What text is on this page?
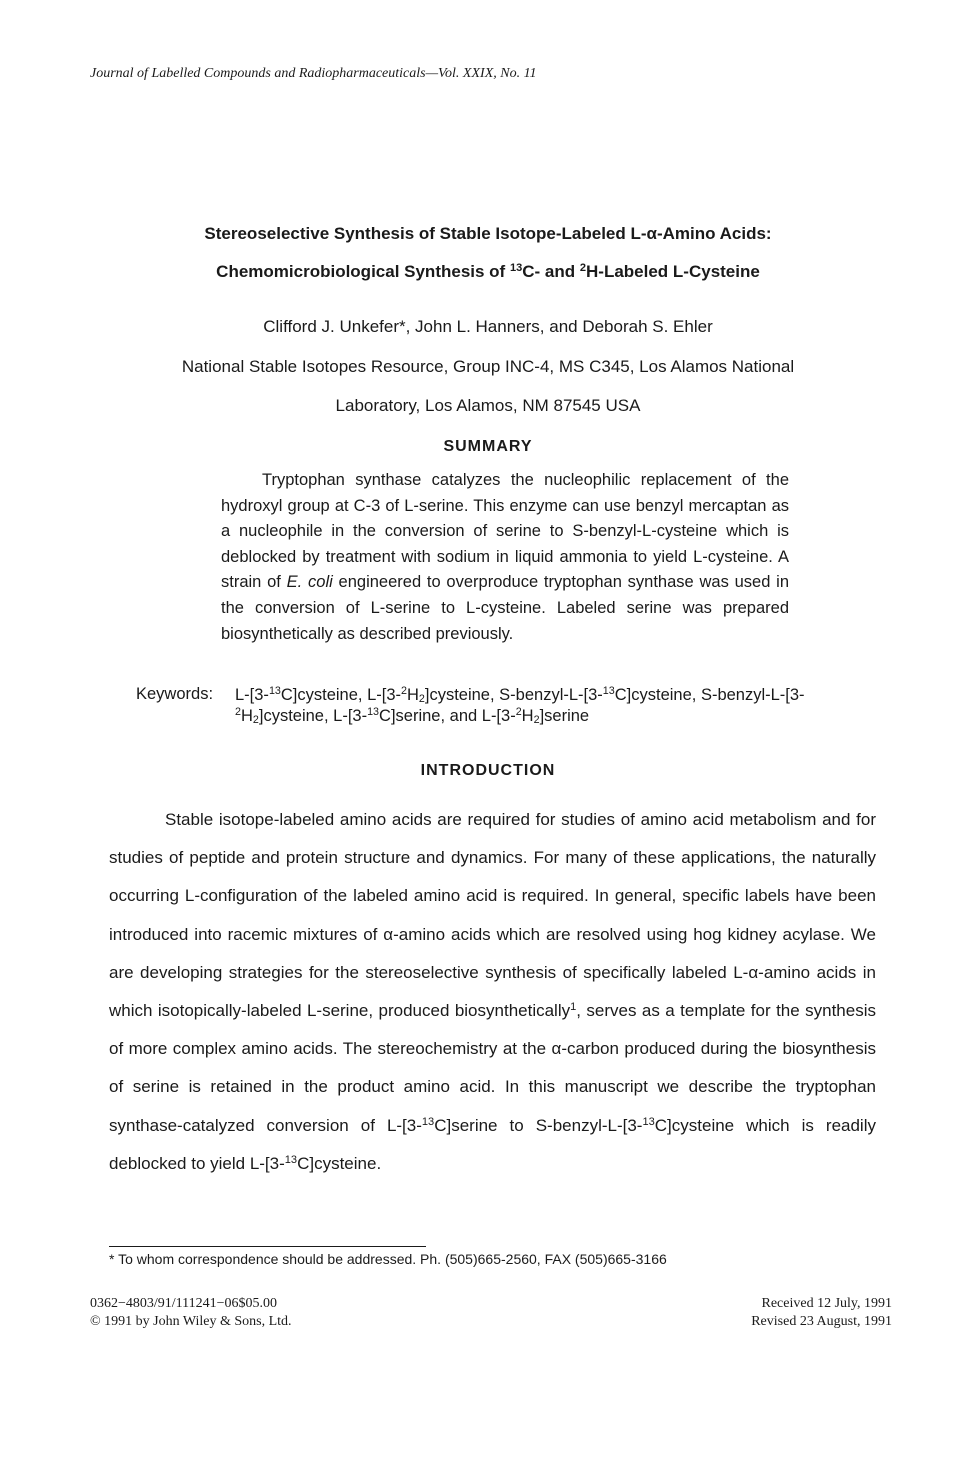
Journal of Labelled Compounds and Radiopharmaceuticals—Vol. XXIX, No. 11
Stereoselective Synthesis of Stable Isotope-Labeled L-α-Amino Acids:
Chemomicrobiological Synthesis of $^{13}$C- and $^2$H-Labeled L-Cysteine
Clifford J. Unkefer*, John L. Hanners, and Deborah S. Ehler
National Stable Isotopes Resource, Group INC-4, MS C345, Los Alamos National
Laboratory, Los Alamos, NM 87545 USA
SUMMARY

Tryptophan synthase catalyzes the nucleophilic replacement of the hydroxyl group at C-3 of L-serine. This enzyme can use benzyl mercaptan as a nucleophile in the conversion of serine to S-benzyl-L-cysteine which is deblocked by treatment with sodium in liquid ammonia to yield L-cysteine. A strain of E. coli engineered to overproduce tryptophan synthase was used in the conversion of L-serine to L-cysteine. Labeled serine was prepared biosynthetically as described previously.

Keywords: L-[3-$^{13}$C]cysteine, $L-[3-^2H_2]cysteine$, S-benzyl-L-[3-$^{13}$C]cysteine, $S-benzyl-L-[3-^2H_2]cysteine$, L-[3-$^{13}$C]serine, and $L-[3-^2H_2]serine$
INTRODUCTION

Stable isotope-labeled amino acids are required for studies of amino acid metabolism and for studies of peptide and protein structure and dynamics. For many of these applications, the naturally occurring L-configuration of the labeled amino acid is required. In general, specific labels have been introduced into racemic mixtures of α-amino acids which are resolved using hog kidney acylase. We are developing strategies for the stereoselective synthesis of specifically labeled L-α-amino acids in which isotopically-labeled L-serine, produced biosynthetically$^1$, serves as a template for the synthesis of more complex amino acids. The stereochemistry at the α-carbon produced during the biosynthesis of serine is retained in the product amino acid. In this manuscript we describe the tryptophan synthase-catalyzed conversion of L-[3-$^{13}$C]serine to S-benzyl-L-[3-$^{13}$C]cysteine which is readily deblocked to yield L-[3-$^{13}$C]cysteine.

* To whom correspondence should be addressed. Ph. (505)665-2560, FAX (505)665-3166
0362−4803/91/111241−06$05.00
© 1991 by John Wiley & Sons, Ltd.
Received 12 July, 1991
Revised 23 August, 1991
